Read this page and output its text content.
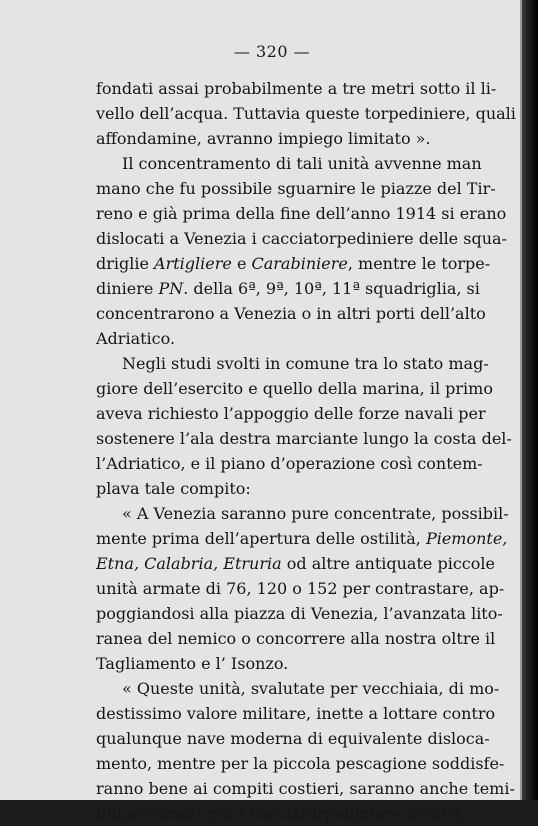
— 320 —
fondati assai probabilmente a tre metri sotto il li-
vello dell’acqua. Tuttavia queste torpediniere, quali
affondamine, avranno impiego limitato ».
Il concentramento di tali unità avvenne man
mano che fu possibile sguarnire le piazze del Tir-
reno e già prima della fine dell’anno 1914 si erano
dislocati a Venezia i cacciatorpediniere delle squa-
driglie Artigliere e Carabiniere, mentre le torpe-
diniere PN. della 6ª, 9ª, 10ª, 11ª squadriglia, si
concentrarono a Venezia o in altri porti dell’alto
Adriatico.
Negli studi svolti in comune tra lo stato mag-
giore dell’esercito e quello della marina, il primo
aveva richiesto l’appoggio delle forze navali per
sostenere l’ala destra marciante lungo la costa del-
l’Adriatico, e il piano d’operazione così contem-
plava tale compito:
« A Venezia saranno pure concentrate, possibil-
mente prima dell’apertura delle ostilità, Piemonte,
Etna, Calabria, Etruria od altre antiquate piccole
unità armate di 76, 120 o 152 per contrastare, ap-
poggiandosi alla piazza di Venezia, l’avanzata lito-
ranea del nemico o concorrere alla nostra oltre il
Tagliamento e l’ Isonzo.
« Queste unità, svalutate per vecchiaia, di mo-
destissimo valore militare, inette a lottare contro
qualunque nave moderna di equivalente disloca-
mento, mentre per la piccola pescagione soddisfe-
ranno bene ai compiti costieri, saranno anche temi-
bili avversari per i cacciatorpediniere nemici.
